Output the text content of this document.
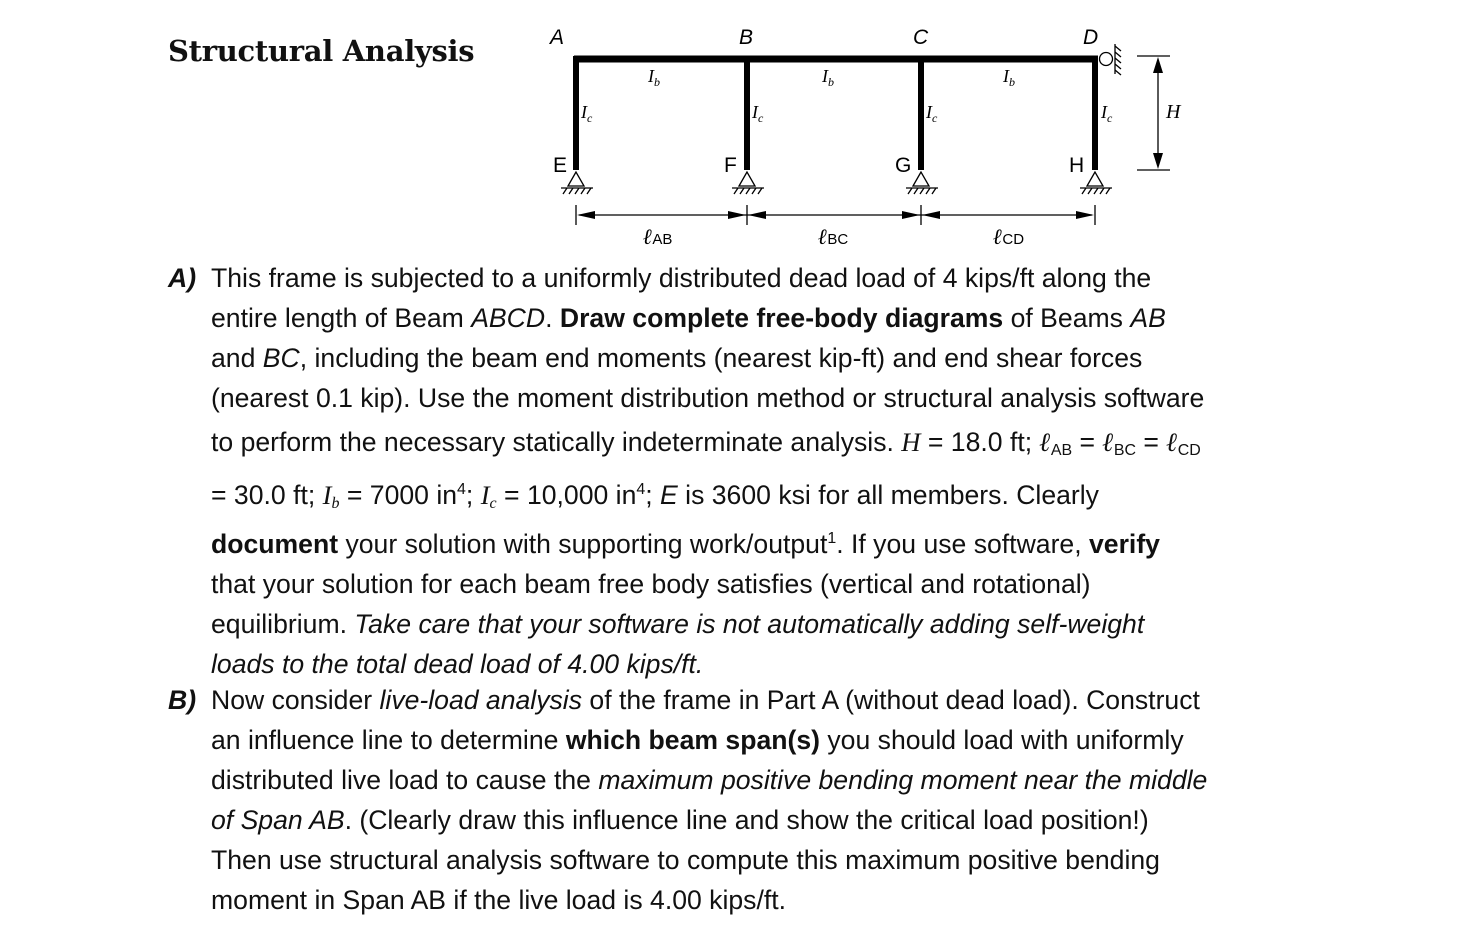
Structural Analysis
H
A	B	C	D
E	F	G	H
$I_b$	$I_b$	$I_b$
$I_c$	$I_c$	$I_c$	$I_c$
ℓAB	ℓBC	ℓCD
A) This frame is subjected to a uniformly distributed dead load of 4 kips/ft along the
entire length of Beam ABCD. Draw complete free-body diagrams of Beams AB
and BC, including the beam end moments (nearest kip-ft) and end shear forces
(nearest 0.1 kip). Use the moment distribution method or structural analysis software
to perform the necessary statically indeterminate analysis. H = 18.0 ft; ℓ$_{AB}$ = ℓ$_{BC}$ = ℓ$_{CD}$
= 30.0 ft; $I_b = 7000$ $in^4$; $I_c = 10,000$ $in^4$; E is 3600 ksi for all members. Clearly
document your solution with supporting work/output$^1$. If you use software, verify
that your solution for each beam free body satisfies (vertical and rotational)
equilibrium. Take care that your software is not automatically adding self-weight
loads to the total dead load of 4.00 kips/ft.
B) Now consider live-load analysis of the frame in Part A (without dead load). Construct
an influence line to determine which beam span(s) you should load with uniformly
distributed live load to cause the maximum positive bending moment near the middle
of Span AB. (Clearly draw this influence line and show the critical load position!)
Then use structural analysis software to compute this maximum positive bending
moment in Span AB if the live load is 4.00 kips/ft.
